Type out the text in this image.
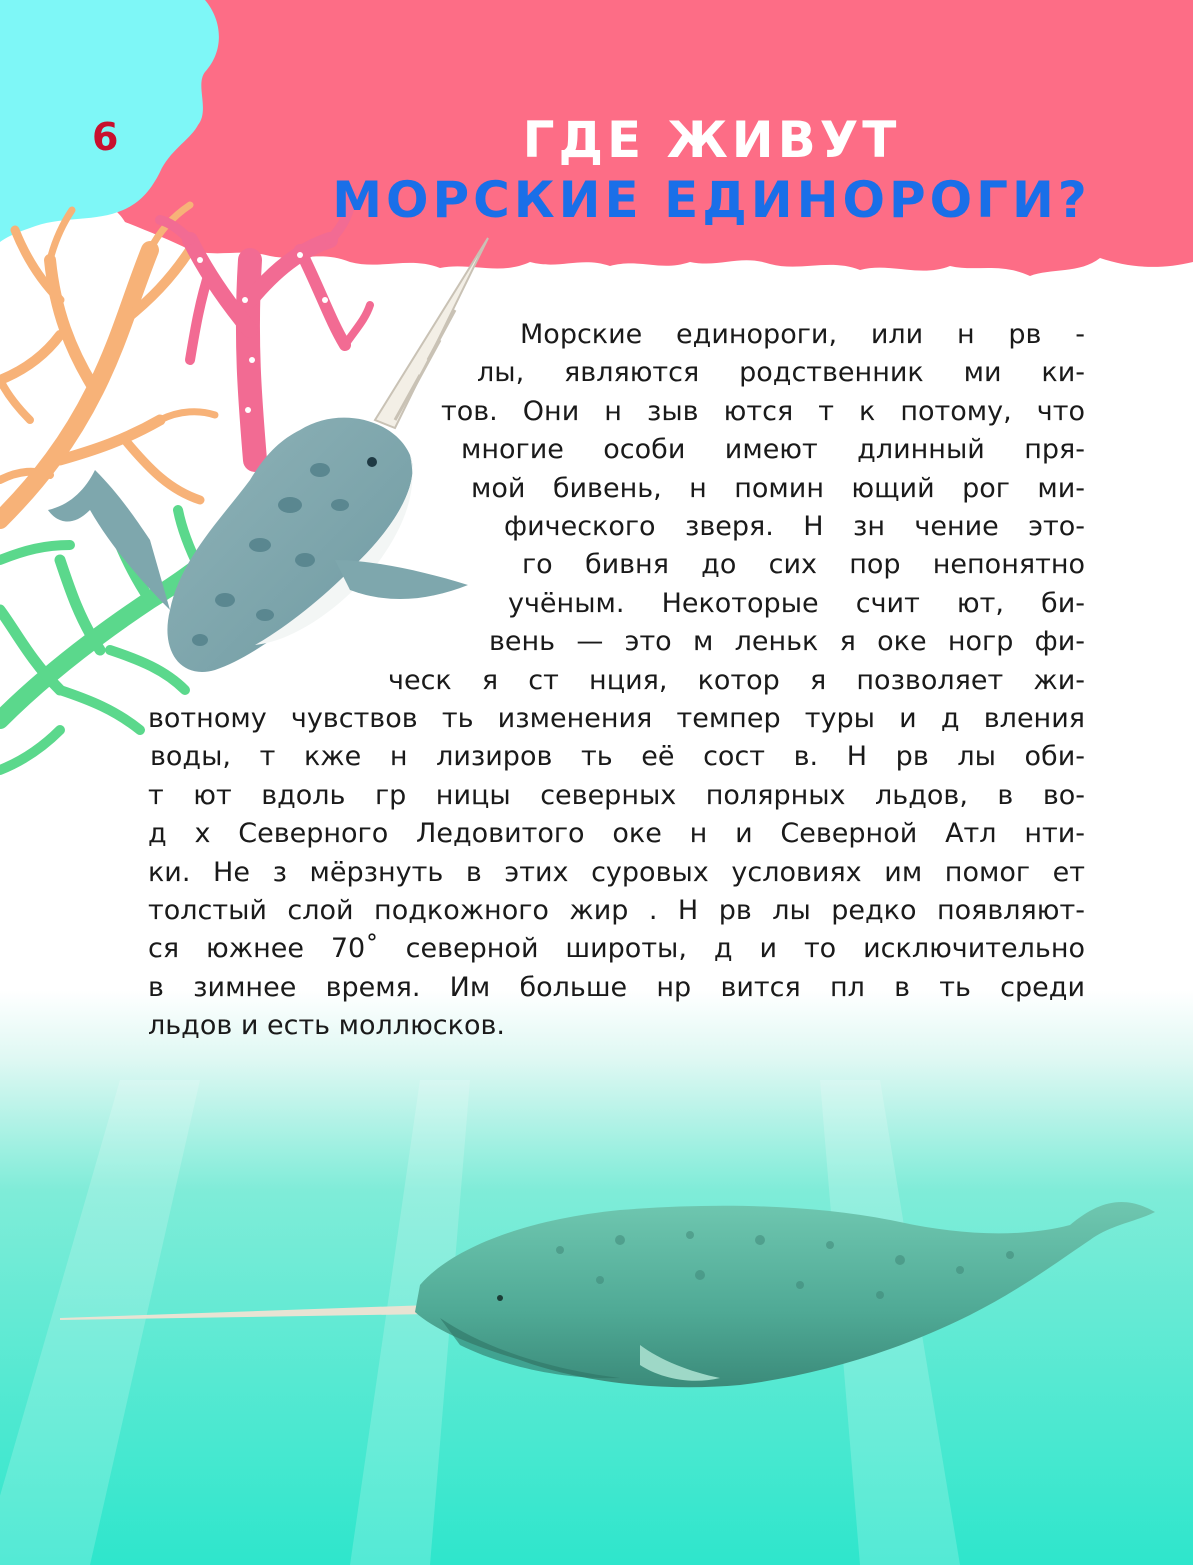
6	ГДЕ ЖИВУТ
МОРСКИЕ ЕДИНОРОГИ?
Морские единороги, или н рв -
лы, являются родственник ми ки-
тов. Они н зыв ются т к потому, что
многие особи имеют длинный пря-
мой бивень, н помин ющий рог ми-
фического зверя. Н зн чение это-
го бивня до сих пор непонятно
учёным. Некоторые счит ют, би-
вень — это м леньк я оке ногр фи-
ческ я ст нция, котор я позволяет жи-
вотному чувствов ть изменения темпер туры и д вления
воды, т кже н лизиров ть её сост в. Н рв лы оби-
т ют вдоль гр ницы северных полярных льдов, в во-
д х Северного Ледовитого оке н и Северной Атл нти-
ки. Не з мёрзнуть в этих суровых условиях им помог ет
толстый слой подкожного жир . Н рв лы редко появляют-
ся южнее 70˚ северной широты, д и то исключительно
в зимнее время. Им больше нр вится пл в ть среди
льдов и есть моллюсков.
